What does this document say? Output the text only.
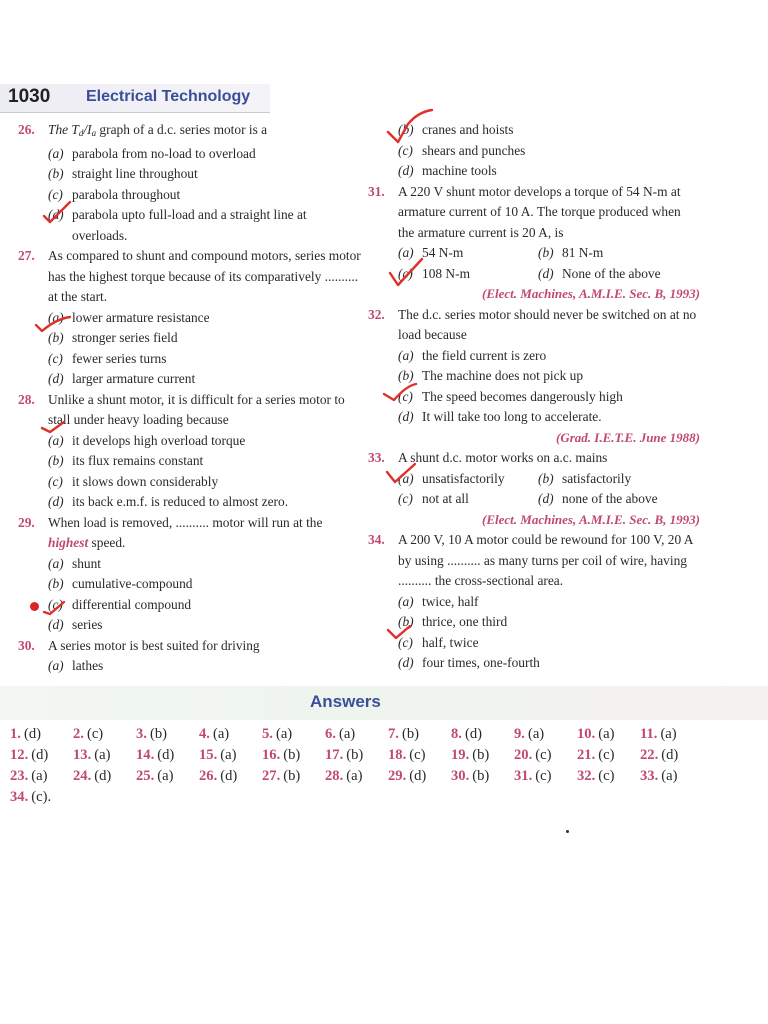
1030 Electrical Technology
26. The $T_d/I_a$ graph of a d.c. series motor is a
(a) parabola from no-load to overload
(b) straight line throughout
(c) parabola throughout
(d) parabola upto full-load and a straight line at overloads.
27. As compared to shunt and compound motors, series motor has the highest torque because of its comparatively .......... at the start.
(a) lower armature resistance
(b) stronger series field
(c) fewer series turns
(d) larger armature current
28. Unlike a shunt motor, it is difficult for a series motor to stall under heavy loading because
(a) it develops high overload torque
(b) its flux remains constant
(c) it slows down considerably
(d) its back e.m.f. is reduced to almost zero.
29. When load is removed, .......... motor will run at the highest speed.
(a) shunt
(b) cumulative-compound
(c) differential compound
(d) series
30. A series motor is best suited for driving
(a) lathes
(b) cranes and hoists
(c) shears and punches
(d) machine tools
31. A 220 V shunt motor develops a torque of 54 N-m at armature current of 10 A. The torque produced when the armature current is 20 A, is
(a) 54 N-m	(b) 81 N-m
(c) 108 N-m	(d) None of the above
(Elect. Machines, A.M.I.E. Sec. B, 1993)
32. The d.c. series motor should never be switched on at no load because
(a) the field current is zero
(b) The machine does not pick up
(c) The speed becomes dangerously high
(d) It will take too long to accelerate.
(Grad. I.E.T.E. June 1988)
33. A shunt d.c. motor works on a.c. mains
(a) unsatisfactorily	(b) satisfactorily
(c) not at all	(d) none of the above
(Elect. Machines, A.M.I.E. Sec. B, 1993)
34. A 200 V, 10 A motor could be rewound for 100 V, 20 A by using .......... as many turns per coil of wire, having .......... the cross-sectional area.
(a) twice, half
(b) thrice, one third
(c) half, twice
(d) four times, one-fourth
Answers
1. (d)	2. (c)	3. (b)	4. (a)	5. (a)	6. (a)	7. (b)	8. (d)	9. (a)	10. (a)	11. (a)
12. (d)	13. (a)	14. (d)	15. (a)	16. (b)	17. (b)	18. (c)	19. (b)	20. (c)	21. (c)	22. (d)
23. (a)	24. (d)	25. (a)	26. (d)	27. (b)	28. (a)	29. (d)	30. (b)	31. (c)	32. (c)	33. (a)
34. (c).
